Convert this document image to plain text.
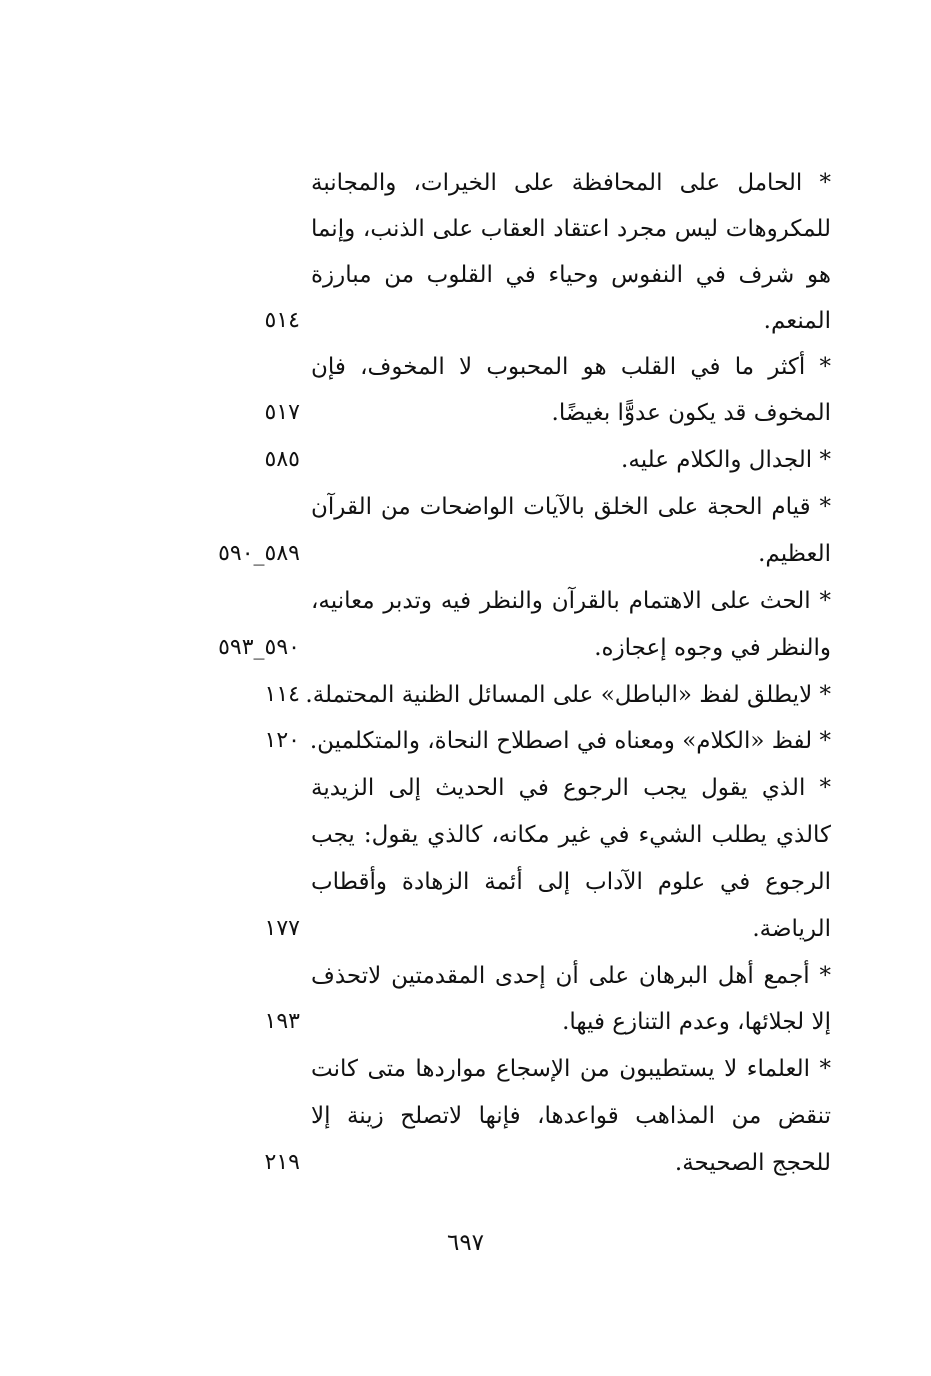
* الحامل على المحافظة على الخيرات، والمجانبة
للمكروهات ليس مجرد اعتقاد العقاب على الذنب، وإنما
هو شرف في النفوس وحياء في القلوب من مبارزة
المنعم.
٥١٤
* أكثر ما في القلب هو المحبوب لا المخوف، فإن
المخوف قد يكون عدوًّا بغيضًا.
٥١٧
* الجدال والكلام عليه.
٥٨٥
* قيام الحجة على الخلق بالآيات الواضحات من القرآن
العظيم.
٥٨٩_٥٩٠
* الحث على الاهتمام بالقرآن والنظر فيه وتدبر معانيه،
والنظر في وجوه إعجازه.
٥٩٠_٥٩٣
* لايطلق لفظ «الباطل» على المسائل الظنية المحتملة.
١١٤
* لفظ «الكلام» ومعناه في اصطلاح النحاة، والمتكلمين.
١٢٠
* الذي يقول يجب الرجوع في الحديث إلى الزيدية
كالذي يطلب الشيء في غير مكانه، كالذي يقول: يجب
الرجوع في علوم الآداب إلى أئمة الزهادة وأقطاب
الرياضة.
١٧٧
* أجمع أهل البرهان على أن إحدى المقدمتين لاتحذف
إلا لجلائها، وعدم التنازع فيها.
١٩٣
* العلماء لا يستطيبون من الإسجاع مواردها متى كانت
تنقض من المذاهب قواعدها، فإنها لاتصلح زينة إلا
للحجج الصحيحة.
٢١٩
٦٩٧
